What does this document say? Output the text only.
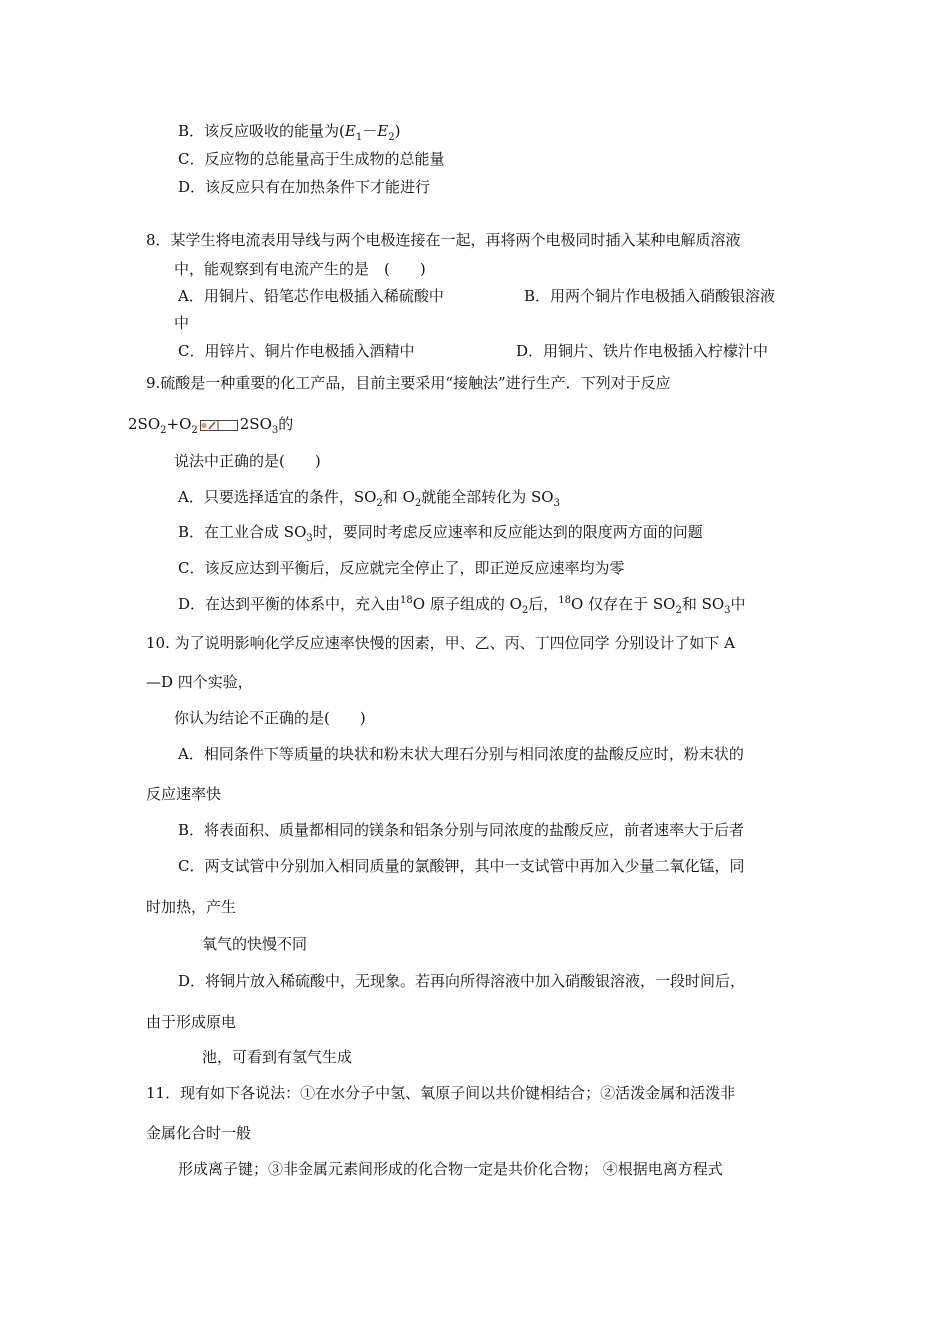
B．该反应吸收的能量为$(E_1-E_2)$
C．反应物的总能量高于生成物的总能量
D．该反应只有在加热条件下才能进行
8．某学生将电流表用导线与两个电极连接在一起，再将两个电极同时插入某种电解质溶液
中，能观察到有电流产生的是　(　　)
A．用铜片、铅笔芯作电极插入稀硫酸中	B．用两个铜片作电极插入硝酸银溶液
中
C．用锌片、铜片作电极插入酒精中	D．用铜片、铁片作电极插入柠檬汁中
9.硫酸是一种重要的化工产品，目前主要采用“接触法”进行生产．下列对于反应
$2SO_2+O_2$	$2SO_3$的
说法中正确的是(　　)
A．只要选择适宜的条件，$SO_2$和 $O_2$就能全部转化为 $SO_3$
B．在工业合成 $SO_3$时，要同时考虑反应速率和反应能达到的限度两方面的问题
C．该反应达到平衡后，反应就完全停止了，即正逆反应速率均为零
D．在达到平衡的体系中，充入由$^{18}$O 原子组成的 $O_2$后，$^{18}$O 仅存在于 $SO_2$和 $SO_3$中
10. 为了说明影响化学反应速率快慢的因素，甲、乙、丙、丁四位同学 分别设计了如下 A
—D 四个实验，
你认为结论不正确的是(　　)
A．相同条件下等质量的块状和粉末状大理石分别与相同浓度的盐酸反应时，粉末状的
反应速率快
B．将表面积、质量都相同的镁条和铝条分别与同浓度的盐酸反应，前者速率大于后者
C．两支试管中分别加入相同质量的氯酸钾，其中一支试管中再加入少量二氧化锰，同
时加热，产生
氧气的快慢不同
D．将铜片放入稀硫酸中，无现象。若再向所得溶液中加入硝酸银溶液，一段时间后，
由于形成原电
池，可看到有氢气生成
11．现有如下各说法：①在水分子中氢、氧原子间以共价键相结合；②活泼金属和活泼非
金属化合时一般
形成离子键；③非金属元素间形成的化合物一定是共价化合物； ④根据电离方程式
